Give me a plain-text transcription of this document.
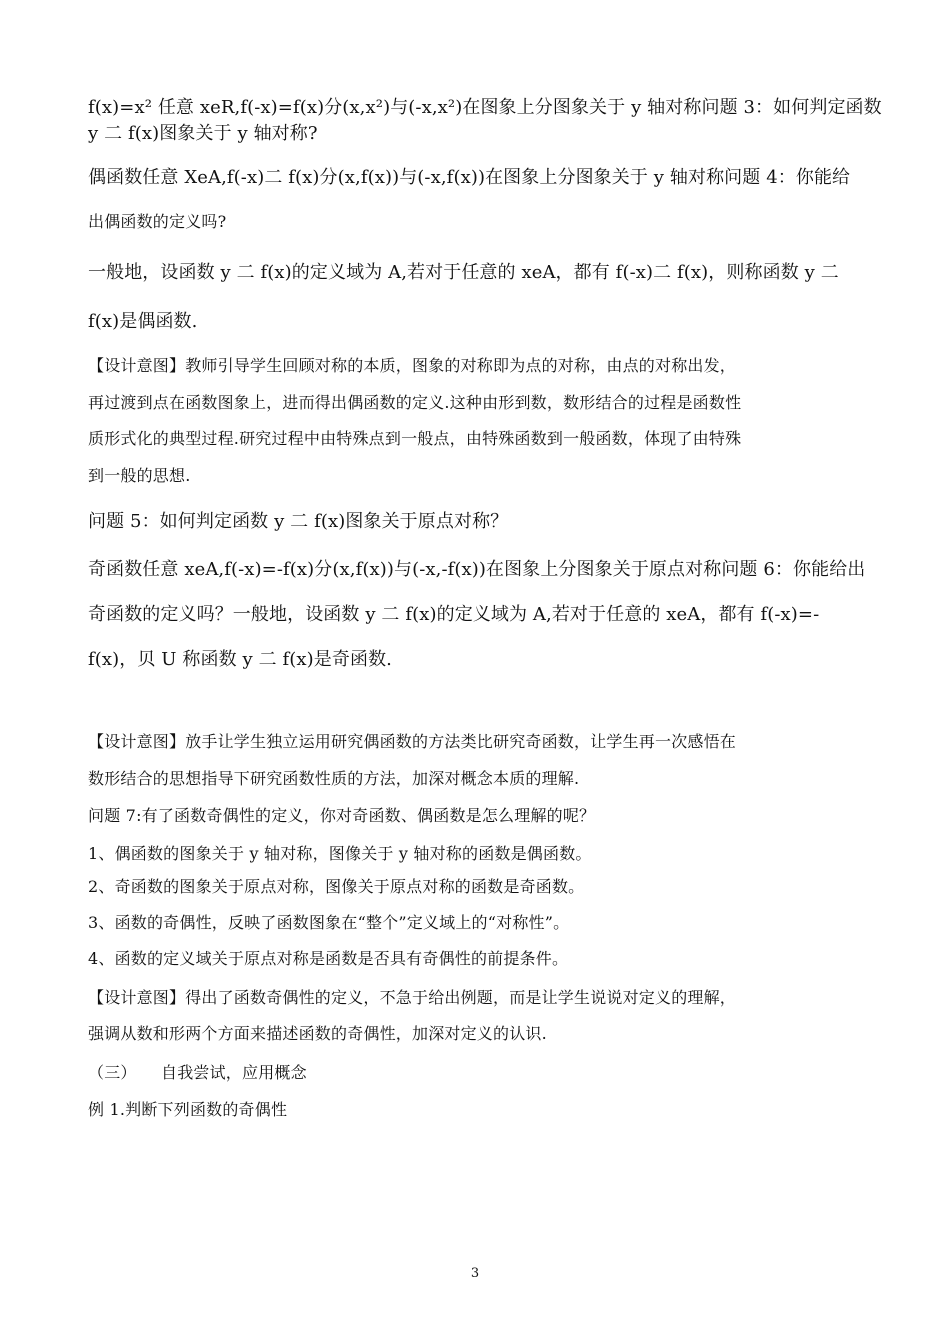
f(x)=x² 任意 xeR,f(-x)=f(x)分(x,x²)与(-x,x²)在图象上分图象关于 y 轴对称问题 3：如何判定函数
y 二 f(x)图象关于 y 轴对称?
偶函数任意 XeA,f(-x)二 f(x)分(x,f(x))与(-x,f(x))在图象上分图象关于 y 轴对称问题 4：你能给
出偶函数的定义吗?
一般地，设函数 y 二 f(x)的定义域为 A,若对于任意的 xeA，都有 f(-x)二 f(x)，则称函数 y 二
f(x)是偶函数.
【设计意图】教师引导学生回顾对称的本质，图象的对称即为点的对称，由点的对称出发，
再过渡到点在函数图象上，进而得出偶函数的定义.这种由形到数，数形结合的过程是函数性
质形式化的典型过程.研究过程中由特殊点到一般点，由特殊函数到一般函数，体现了由特殊
到一般的思想.
问题 5：如何判定函数 y 二 f(x)图象关于原点对称？
奇函数任意 xeA,f(-x)=-f(x)分(x,f(x))与(-x,-f(x))在图象上分图象关于原点对称问题 6：你能给出
奇函数的定义吗？一般地，设函数 y 二 f(x)的定义域为 A,若对于任意的 xeA，都有 f(-x)=-
f(x)，贝 U 称函数 y 二 f(x)是奇函数.
【设计意图】放手让学生独立运用研究偶函数的方法类比研究奇函数，让学生再一次感悟在
数形结合的思想指导下研究函数性质的方法，加深对概念本质的理解.
问题 7:有了函数奇偶性的定义，你对奇函数、偶函数是怎么理解的呢？
1、偶函数的图象关于 y 轴对称，图像关于 y 轴对称的函数是偶函数。
2、奇函数的图象关于原点对称，图像关于原点对称的函数是奇函数。
3、函数的奇偶性，反映了函数图象在“整个”定义域上的“对称性”。
4、函数的定义域关于原点对称是函数是否具有奇偶性的前提条件。
【设计意图】得出了函数奇偶性的定义，不急于给出例题，而是让学生说说对定义的理解，
强调从数和形两个方面来描述函数的奇偶性，加深对定义的认识.
（三）　　自我尝试，应用概念
例 1.判断下列函数的奇偶性
3
